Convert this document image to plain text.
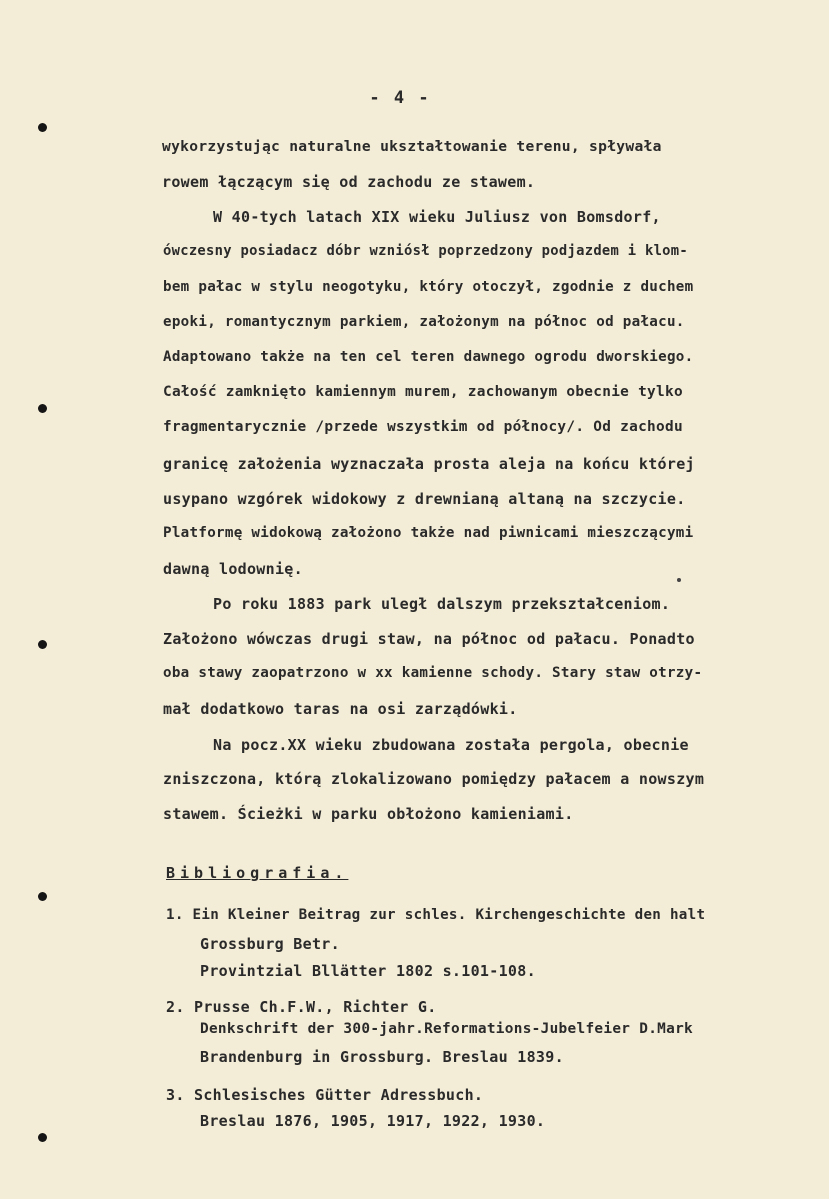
- 4 -
wykorzystując naturalne ukształtowanie terenu, spływała
rowem łączącym się od zachodu ze stawem.
W 40-tych latach XIX wieku Juliusz von Bomsdorf,
ówczesny posiadacz dóbr wzniósł poprzedzony podjazdem i klom-
bem pałac w stylu neogotyku, który otoczył, zgodnie z duchem
epoki, romantycznym parkiem, założonym na północ od pałacu.
Adaptowano także na ten cel teren dawnego ogrodu dworskiego.
Całość zamknięto kamiennym murem, zachowanym obecnie tylko
fragmentarycznie /przede wszystkim od północy/. Od zachodu
granicę założenia wyznaczała prosta aleja na końcu której
usypano wzgórek widokowy z drewnianą altaną na szczycie.
Platformę widokową założono także nad piwnicami mieszczącymi
dawną lodownię.
Po roku 1883 park uległ dalszym przekształceniom.
Założono wówczas drugi staw, na północ od pałacu. Ponadto
oba stawy zaopatrzono w xx kamienne schody. Stary staw otrzy-
mał dodatkowo taras na osi zarządówki.
Na pocz.XX wieku zbudowana została pergola, obecnie
zniszczona, którą zlokalizowano pomiędzy pałacem a nowszym
stawem. Ścieżki w parku obłożono kamieniami.
Bibliografia.
1. Ein Kleiner Beitrag zur schles. Kirchengeschichte den halt
Grossburg Betr.
Provintzial Bllätter 1802 s.101-108.
2. Prusse Ch.F.W., Richter G.
Denkschrift der 300-jahr.Reformations-Jubelfeier D.Mark
Brandenburg in Grossburg. Breslau 1839.
3. Schlesisches Gütter Adressbuch.
Breslau 1876, 1905, 1917, 1922, 1930.
